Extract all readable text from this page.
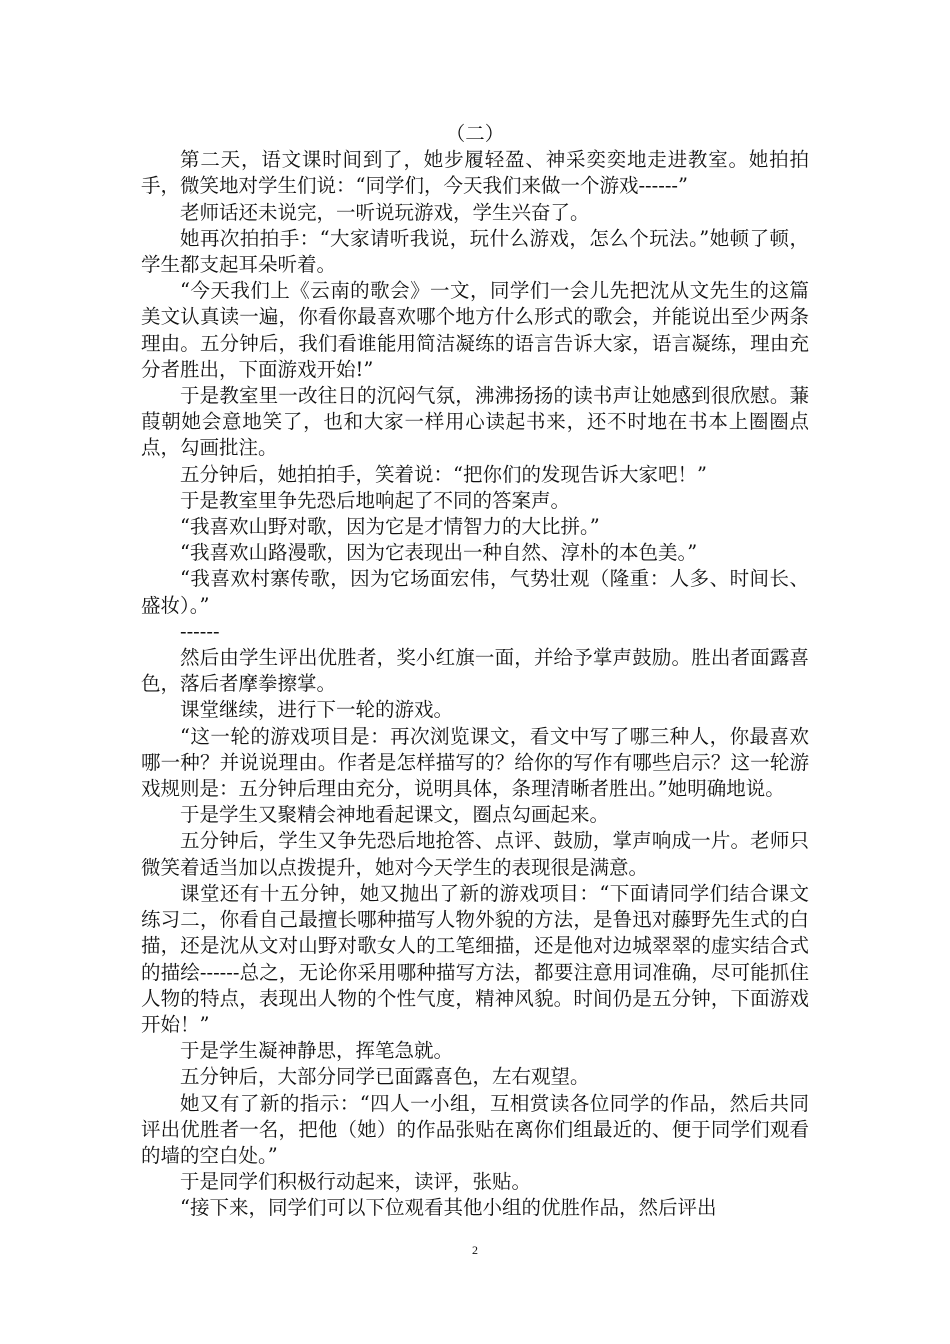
（二）

第二天，语文课时间到了，她步履轻盈、神采奕奕地走进教室。她拍拍手，微笑地对学生们说：“同学们，今天我们来做一个游戏------”

老师话还未说完，一听说玩游戏，学生兴奋了。

她再次拍拍手：“大家请听我说，玩什么游戏，怎么个玩法。”她顿了顿，学生都支起耳朵听着。

“今天我们上《云南的歌会》一文，同学们一会儿先把沈从文先生的这篇美文认真读一遍，你看你最喜欢哪个地方什么形式的歌会，并能说出至少两条理由。五分钟后，我们看谁能用简洁凝练的语言告诉大家，语言凝练，理由充分者胜出，下面游戏开始!”

于是教室里一改往日的沉闷气氛，沸沸扬扬的读书声让她感到很欣慰。蒹葭朝她会意地笑了，也和大家一样用心读起书来，还不时地在书本上圈圈点点，勾画批注。

五分钟后，她拍拍手，笑着说：“把你们的发现告诉大家吧！”

于是教室里争先恐后地响起了不同的答案声。

“我喜欢山野对歌，因为它是才情智力的大比拼。”

“我喜欢山路漫歌，因为它表现出一种自然、淳朴的本色美。”

“我喜欢村寨传歌，因为它场面宏伟，气势壮观（隆重：人多、时间长、盛妆）。”

------

然后由学生评出优胜者，奖小红旗一面，并给予掌声鼓励。胜出者面露喜色，落后者摩拳擦掌。

课堂继续，进行下一轮的游戏。

“这一轮的游戏项目是：再次浏览课文，看文中写了哪三种人，你最喜欢哪一种？并说说理由。作者是怎样描写的？给你的写作有哪些启示？这一轮游戏规则是：五分钟后理由充分，说明具体，条理清晰者胜出。”她明确地说。

于是学生又聚精会神地看起课文，圈点勾画起来。

五分钟后，学生又争先恐后地抢答、点评、鼓励，掌声响成一片。老师只微笑着适当加以点拨提升，她对今天学生的表现很是满意。

课堂还有十五分钟，她又抛出了新的游戏项目：“下面请同学们结合课文练习二，你看自己最擅长哪种描写人物外貌的方法，是鲁迅对藤野先生式的白描，还是沈从文对山野对歌女人的工笔细描，还是他对边城翠翠的虚实结合式的描绘------总之，无论你采用哪种描写方法，都要注意用词准确，尽可能抓住人物的特点，表现出人物的个性气度，精神风貌。时间仍是五分钟，下面游戏开始！”

于是学生凝神静思，挥笔急就。

五分钟后，大部分同学已面露喜色，左右观望。

她又有了新的指示：“四人一小组，互相赏读各位同学的作品，然后共同评出优胜者一名，把他（她）的作品张贴在离你们组最近的、便于同学们观看的墙的空白处。”

于是同学们积极行动起来，读评，张贴。

“接下来，同学们可以下位观看其他小组的优胜作品，然后评出

2
